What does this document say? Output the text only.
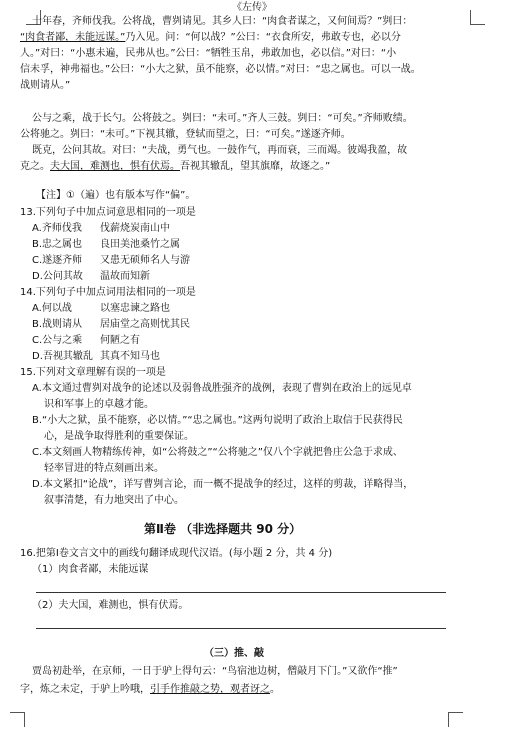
《左传》
十年春，齐师伐我。公将战，曹刿请见。其乡人曰：“肉食者谋之，又何间焉？”刿曰：
“肉食者鄙，未能远谋。”乃入见。问：“何以战？”公曰：“衣食所安，弗敢专也，必以分
人。”对曰：“小惠未遍，民弗从也。”公曰：“牺牲玉帛，弗敢加也，必以信。”对曰：“小
信未孚，神弗福也。”公曰：“小大之狱，虽不能察，必以情。”对曰：“忠之属也。可以一战。
战则请从。”
公与之乘，战于长勺。公将鼓之。刿曰：“未可。”齐人三鼓。刿曰：“可矣。”齐师败绩。
公将驰之。刿曰：“未可。”下视其辙，登轼而望之，曰：“可矣。”遂逐齐师。
既克，公问其故。对曰：“夫战，勇气也。一鼓作气，再而衰，三而竭。彼竭我盈，故
克之。夫大国，难测也，惧有伏焉。吾视其辙乱，望其旗靡，故逐之。”
【注】①（遍）也有版本写作“偏”。
13.下列句子中加点词意思相同的一项是
A.齐师伐我 伐薪烧炭南山中
B.忠之属也 良田美池桑竹之属
C.遂逐齐师 又患无硕师名人与游
D.公问其故 温故而知新
14.下列句子中加点词用法相同的一项是
A.何以战	以塞忠谏之路也
B.战则请从 居庙堂之高则忧其民
C.公与之乘 何陋之有
D.吾视其辙乱 其真不知马也
15.下列对文章理解有误的一项是
A.本文通过曹刿对战争的论述以及弱鲁战胜强齐的战例，表现了曹刿在政治上的远见卓
识和军事上的卓越才能。
B.“小大之狱，虽不能察，必以情。”“忠之属也。”这两句说明了政治上取信于民获得民
心，是战争取得胜利的重要保证。
C.本文刻画人物精练传神，如“公将鼓之”“公将驰之”仅八个字就把鲁庄公急于求成、
轻率冒进的特点刻画出来。
D.本文紧扣“论战”，详写曹刿言论，而一概不提战争的经过，这样的剪裁，详略得当，
叙事清楚，有力地突出了中心。
第Ⅱ卷 （非选择题共 90 分）
16.把第Ⅰ卷文言文中的画线句翻译成现代汉语。(每小题 2 分，共 4 分)
（1）肉食者鄙，未能远谋
（2）夫大国，难测也，惧有伏焉。
（三）推、敲
贾岛初赴举，在京师，一日于驴上得句云：“鸟宿池边树，僧敲月下门。”又欲作“推”
字，炼之未定，于驴上吟哦，引手作推敲之势，观者讶之。
